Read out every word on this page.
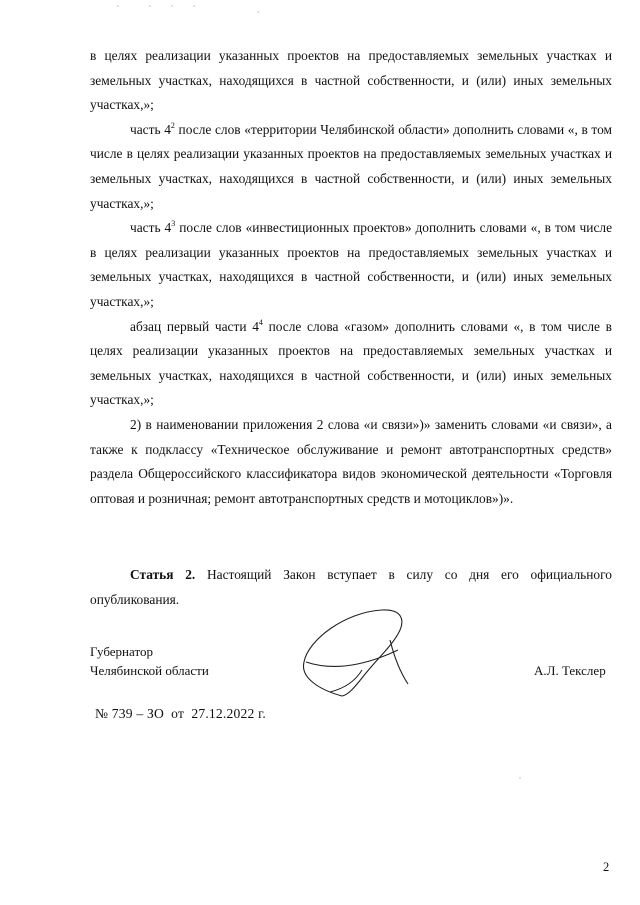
в целях реализации указанных проектов на предоставляемых земельных участках и земельных участках, находящихся в частной собственности, и (или) иных земельных участках,»;

часть $4^2$ после слов «территории Челябинской области» дополнить словами «, в том числе в целях реализации указанных проектов на предоставляемых земельных участках и земельных участках, находящихся в частной собственности, и (или) иных земельных участках,»;

часть $4^3$ после слов «инвестиционных проектов» дополнить словами «, в том числе в целях реализации указанных проектов на предоставляемых земельных участках и земельных участках, находящихся в частной собственности, и (или) иных земельных участках,»;

абзац первый части $4^4$ после слова «газом» дополнить словами «, в том числе в целях реализации указанных проектов на предоставляемых земельных участках и земельных участках, находящихся в частной собственности, и (или) иных земельных участках,»;

2) в наименовании приложения 2 слова «и связи»)» заменить словами «и связи», а также к подклассу «Техническое обслуживание и ремонт автотранспортных средств» раздела Общероссийского классификатора видов экономической деятельности «Торговля оптовая и розничная; ремонт автотранспортных средств и мотоциклов»)».

Статья 2. Настоящий Закон вступает в силу со дня его официального опубликования.
Губернатор
Челябинской области	А.Л. Текслер
№ 739 – ЗО  от  27.12.2022 г.
2
